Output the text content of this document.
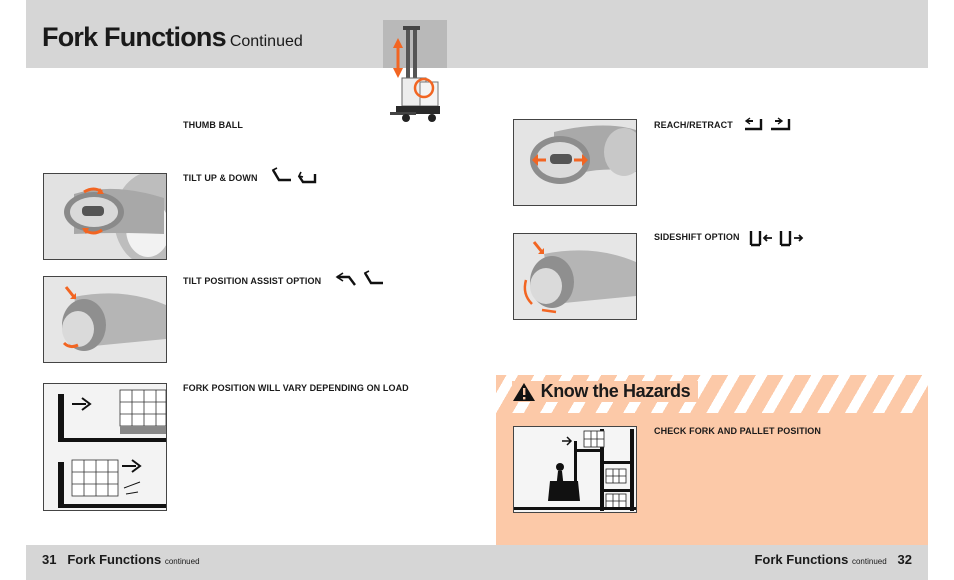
Fork Functions Continued
THUMB BALL
TILT UP & DOWN
TILT POSITION ASSIST OPTION
FORK POSITION WILL VARY DEPENDING ON LOAD
REACH/RETRACT
SIDESHIFT OPTION
Know the Hazards
CHECK FORK AND PALLET POSITION
31 Fork Functions continued	Fork Functions continued 32
